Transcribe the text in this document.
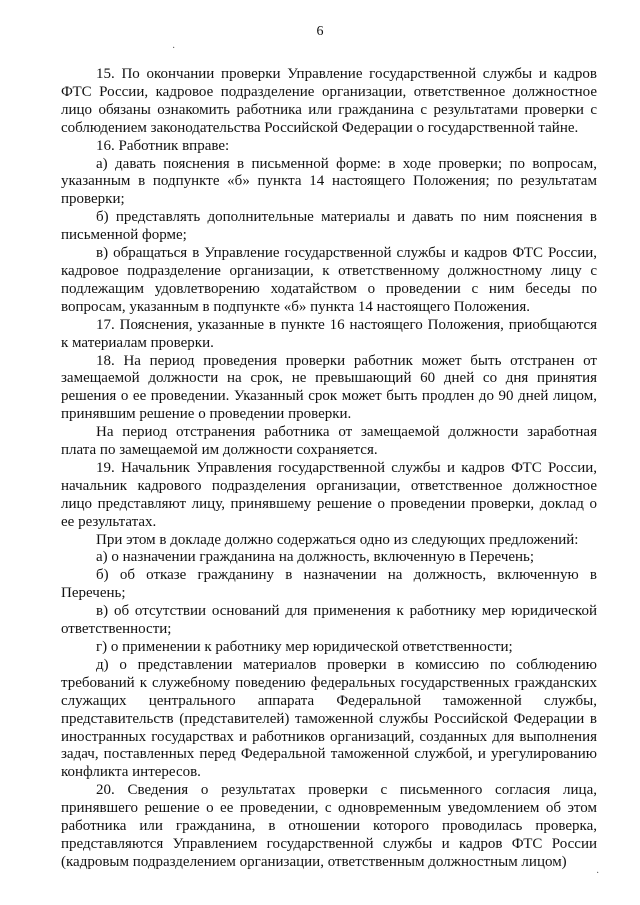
6

15. По окончании проверки Управление государственной службы и кадров ФТС России, кадровое подразделение организации, ответственное должностное лицо обязаны ознакомить работника или гражданина с результатами проверки с соблюдением законодательства Российской Федерации о государственной тайне.

16. Работник вправе:

а) давать пояснения в письменной форме: в ходе проверки; по вопросам, указанным в подпункте «б» пункта 14 настоящего Положения; по результатам проверки;

б) представлять дополнительные материалы и давать по ним пояснения в письменной форме;

в) обращаться в Управление государственной службы и кадров ФТС России, кадровое подразделение организации, к ответственному должностному лицу с подлежащим удовлетворению ходатайством о проведении с ним беседы по вопросам, указанным в подпункте «б» пункта 14 настоящего Положения.

17. Пояснения, указанные в пункте 16 настоящего Положения, приобщаются к материалам проверки.

18. На период проведения проверки работник может быть отстранен от замещаемой должности на срок, не превышающий 60 дней со дня принятия решения о ее проведении. Указанный срок может быть продлен до 90 дней лицом, принявшим решение о проведении проверки.

На период отстранения работника от замещаемой должности заработная плата по замещаемой им должности сохраняется.

19. Начальник Управления государственной службы и кадров ФТС России, начальник кадрового подразделения организации, ответственное должностное лицо представляют лицу, принявшему решение о проведении проверки, доклад о ее результатах.

При этом в докладе должно содержаться одно из следующих предложений:

а) о назначении гражданина на должность, включенную в Перечень;

б) об отказе гражданину в назначении на должность, включенную в Перечень;

в) об отсутствии оснований для применения к работнику мер юридической ответственности;

г) о применении к работнику мер юридической ответственности;

д) о представлении материалов проверки в комиссию по соблюдению требований к служебному поведению федеральных государственных гражданских служащих центрального аппарата Федеральной таможенной службы, представительств (представителей) таможенной службы Российской Федерации в иностранных государствах и работников организаций, созданных для выполнения задач, поставленных перед Федеральной таможенной службой, и урегулированию конфликта интересов.

20. Сведения о результатах проверки с письменного согласия лица, принявшего решение о ее проведении, с одновременным уведомлением об этом работника или гражданина, в отношении которого проводилась проверка, представляются Управлением государственной службы и кадров ФТС России (кадровым подразделением организации, ответственным должностным лицом)

·
·
